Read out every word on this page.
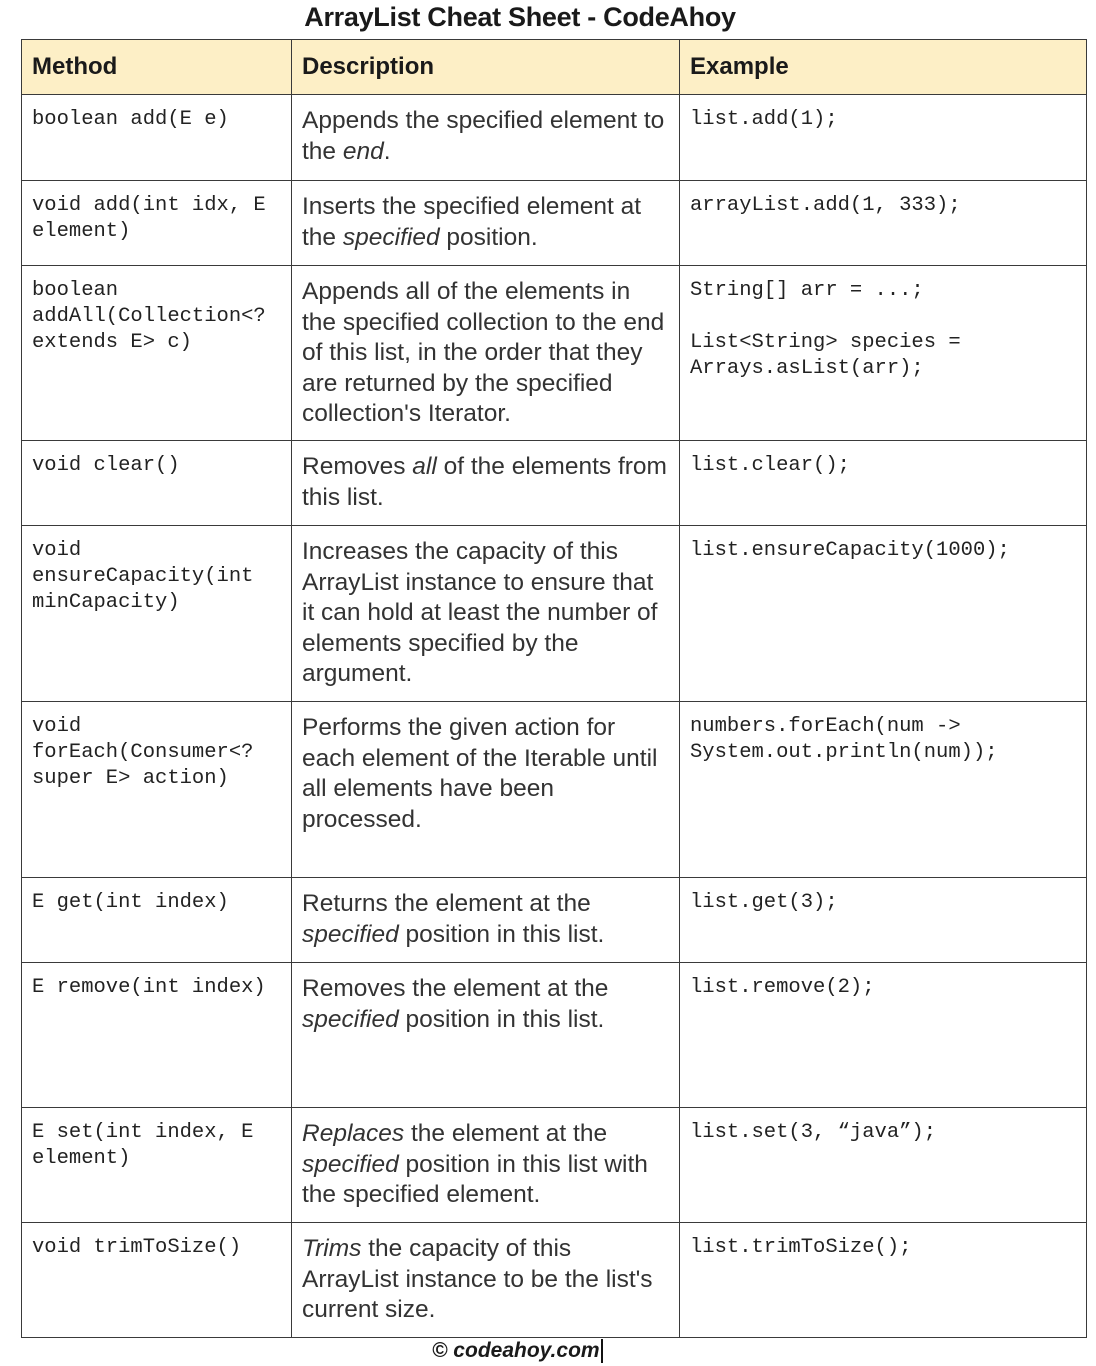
ArrayList Cheat Sheet - CodeAhoy
Method	Description	Example
boolean add(E e)	Appends the specified element to the end.	list.add(1);

void add(int idx, E element)	Inserts the specified element at the specified position.	arrayList.add(1, 333);

boolean addAll(Collection<? extends E> c)	Appends all of the elements in the specified collection to the end of this list, in the order that they are returned by the specified collection's Iterator.	String[] arr = ...;
List<String> species = Arrays.asList(arr);

void clear()	Removes all of the elements from this list.	list.clear();

void ensureCapacity(int minCapacity)	Increases the capacity of this ArrayList instance to ensure that it can hold at least the number of elements specified by the argument.	list.ensureCapacity(1000);

void forEach(Consumer<? super E> action)	Performs the given action for each element of the Iterable until all elements have been processed.	numbers.forEach(num -> System.out.println(num));

E get(int index)	Returns the element at the specified position in this list.	list.get(3);

E remove(int index)	Removes the element at the specified position in this list.	list.remove(2);

E set(int index, E element)	Replaces the element at the specified position in this list with the specified element.	list.set(3, “java”);

void trimToSize()	Trims the capacity of this ArrayList instance to be the list's current size.	list.trimToSize();
© codeahoy.com
